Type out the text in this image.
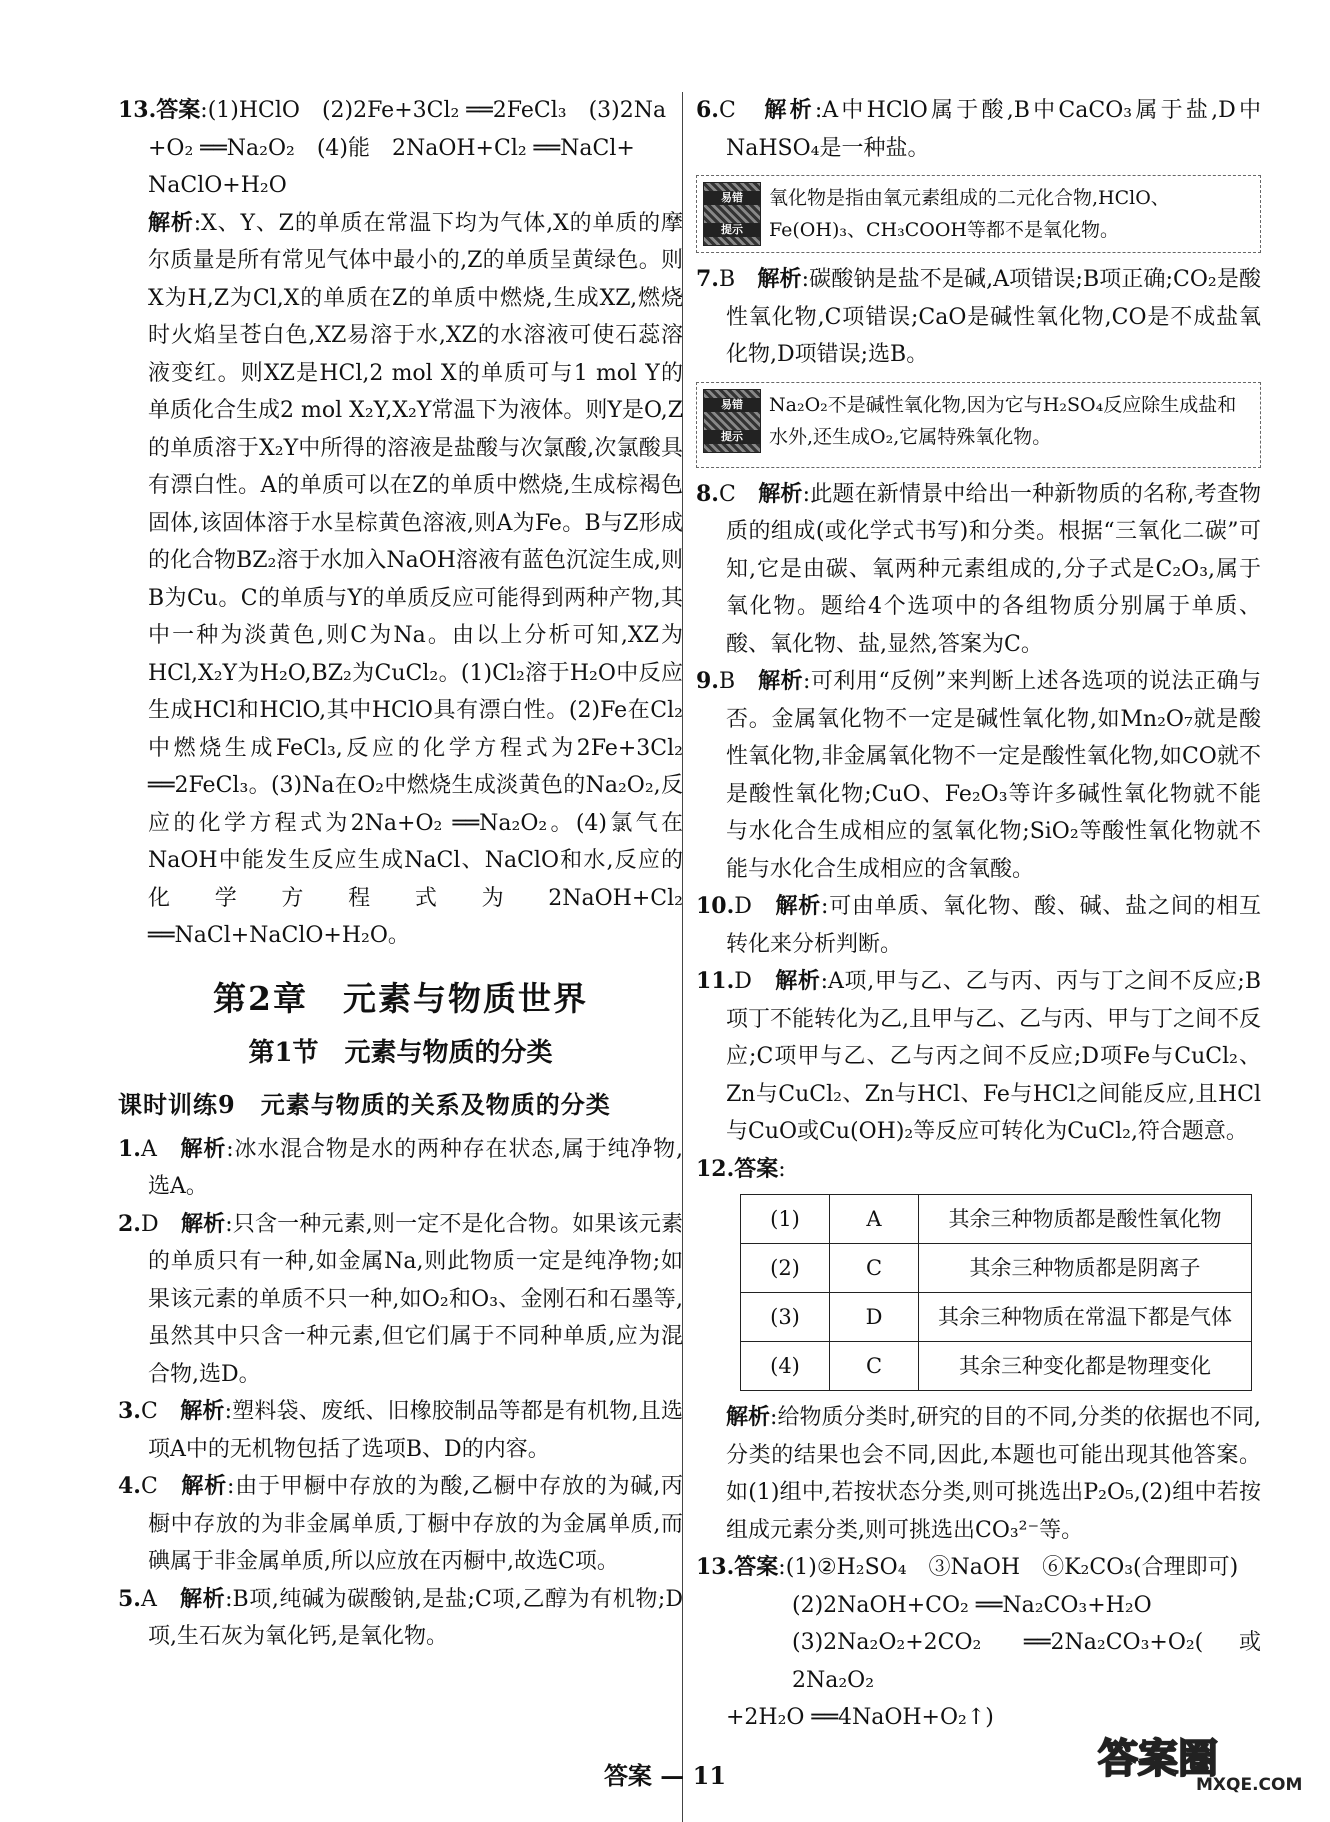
13.答案:(1)HClO　(2)2Fe+3Cl₂ ══2FeCl₃　(3)2Na

+O₂ ══Na₂O₂　(4)能　2NaOH+Cl₂ ══NaCl+

NaClO+H₂O

解析:X、Y、Z的单质在常温下均为气体,X的单质的摩尔质量是所有常见气体中最小的,Z的单质呈黄绿色。则X为H,Z为Cl,X的单质在Z的单质中燃烧,生成XZ,燃烧时火焰呈苍白色,XZ易溶于水,XZ的水溶液可使石蕊溶液变红。则XZ是HCl,2 mol X的单质可与1 mol Y的单质化合生成2 mol X₂Y,X₂Y常温下为液体。则Y是O,Z的单质溶于X₂Y中所得的溶液是盐酸与次氯酸,次氯酸具有漂白性。A的单质可以在Z的单质中燃烧,生成棕褐色固体,该固体溶于水呈棕黄色溶液,则A为Fe。B与Z形成的化合物BZ₂溶于水加入NaOH溶液有蓝色沉淀生成,则B为Cu。C的单质与Y的单质反应可能得到两种产物,其中一种为淡黄色,则C为Na。由以上分析可知,XZ为HCl,X₂Y为H₂O,BZ₂为CuCl₂。(1)Cl₂溶于H₂O中反应生成HCl和HClO,其中HClO具有漂白性。(2)Fe在Cl₂中燃烧生成FeCl₃,反应的化学方程式为2Fe+3Cl₂ ══2FeCl₃。(3)Na在O₂中燃烧生成淡黄色的Na₂O₂,反应的化学方程式为2Na+O₂ ══Na₂O₂。(4)氯气在NaOH中能发生反应生成NaCl、NaClO和水,反应的化学方程式为2NaOH+Cl₂ ══NaCl+NaClO+H₂O。

第2章　元素与物质世界
第1节　元素与物质的分类
课时训练9　元素与物质的关系及物质的分类

1.A　 解析:冰水混合物是水的两种存在状态,属于纯净物,选A。

2.D　 解析:只含一种元素,则一定不是化合物。如果该元素的单质只有一种,如金属Na,则此物质一定是纯净物;如果该元素的单质不只一种,如O₂和O₃、金刚石和石墨等,虽然其中只含一种元素,但它们属于不同种单质,应为混合物,选D。

3.C　 解析:塑料袋、废纸、旧橡胶制品等都是有机物,且选项A中的无机物包括了选项B、D的内容。

4.C　 解析:由于甲橱中存放的为酸,乙橱中存放的为碱,丙橱中存放的为非金属单质,丁橱中存放的为金属单质,而碘属于非金属单质,所以应放在丙橱中,故选C项。

5.A　 解析:B项,纯碱为碳酸钠,是盐;C项,乙醇为有机物;D项,生石灰为氧化钙,是氧化物。

6.C　 解析:A中HClO属于酸,B中CaCO₃属于盐,D中NaHSO₄是一种盐。

易错
提示
氧化物是指由氧元素组成的二元化合物,HClO、Fe(OH)₃、CH₃COOH等都不是氧化物。

7.B　 解析:碳酸钠是盐不是碱,A项错误;B项正确;CO₂是酸性氧化物,C项错误;CaO是碱性氧化物,CO是不成盐氧化物,D项错误;选B。

易错
提示
Na₂O₂不是碱性氧化物,因为它与H₂SO₄反应除生成盐和水外,还生成O₂,它属特殊氧化物。

8.C　 解析:此题在新情景中给出一种新物质的名称,考查物质的组成(或化学式书写)和分类。根据“三氧化二碳”可知,它是由碳、氧两种元素组成的,分子式是C₂O₃,属于氧化物。题给4个选项中的各组物质分别属于单质、酸、氧化物、盐,显然,答案为C。

9.B　 解析:可利用“反例”来判断上述各选项的说法正确与否。金属氧化物不一定是碱性氧化物,如Mn₂O₇就是酸性氧化物,非金属氧化物不一定是酸性氧化物,如CO就不是酸性氧化物;CuO、Fe₂O₃等许多碱性氧化物就不能与水化合生成相应的氢氧化物;SiO₂等酸性氧化物就不能与水化合生成相应的含氧酸。

10.D　 解析:可由单质、氧化物、酸、碱、盐之间的相互转化来分析判断。

11.D　 解析:A项,甲与乙、乙与丙、丙与丁之间不反应;B项丁不能转化为乙,且甲与乙、乙与丙、甲与丁之间不反应;C项甲与乙、乙与丙之间不反应;D项Fe与CuCl₂、Zn与CuCl₂、Zn与HCl、Fe与HCl之间能反应,且HCl与CuO或Cu(OH)₂等反应可转化为CuCl₂,符合题意。

12.答案:

(1)	A	其余三种物质都是酸性氧化物
(2)	C	其余三种物质都是阴离子
(3)	D	其余三种物质在常温下都是气体
(4)	C	其余三种变化都是物理变化

解析:给物质分类时,研究的目的不同,分类的依据也不同,分类的结果也会不同,因此,本题也可能出现其他答案。如(1)组中,若按状态分类,则可挑选出P₂O₅,(2)组中若按组成元素分类,则可挑选出CO₃²⁻等。

13.答案:(1)②H₂SO₄　③NaOH　⑥K₂CO₃(合理即可)

(2)2NaOH+CO₂ ══Na₂CO₃+H₂O

(3)2Na₂O₂+2CO₂ ══2Na₂CO₃+O₂(或2Na₂O₂

+2H₂O ══4NaOH+O₂↑)

答案 — 11	答案圈
MXQE.COM
